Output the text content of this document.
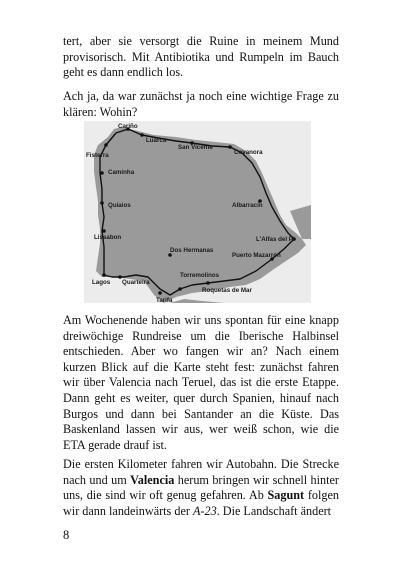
tert, aber sie versorgt die Ruine in meinem Mund provisorisch. Mit Antibiotika und Rumpeln im Bauch geht es dann endlich los.

Ach ja, da war zunächst ja noch eine wichtige Frage zu klären: Wohin?

Cariño
Luarca
San Vicente
Covanora
Fisterra
Caminha
Quiaios	Albarracín
Lissabon	L'Alfas del Pi
Puerto Mazarrón
Dos Hermanas
Torremolinos
Lagos Quarteira
Roquetas de Mar
Tarifa

Am Wochenende haben wir uns spontan für eine knapp dreiwöchige Rundreise um die Iberische Halbinsel entschieden. Aber wo fangen wir an? Nach einem kurzen Blick auf die Karte steht fest: zunächst fahren wir über Valencia nach Teruel, das ist die erste Etappe. Dann geht es weiter, quer durch Spanien, hinauf nach Burgos und dann bei Santander an die Küste. Das Baskenland lassen wir aus, wer weiß schon, wie die ETA gerade drauf ist.

Die ersten Kilometer fahren wir Autobahn. Die Strecke nach und um Valencia herum bringen wir schnell hinter uns, die sind wir oft genug gefahren. Ab Sagunt folgen wir dann landeinwärts der A-23. Die Landschaft ändert

8
